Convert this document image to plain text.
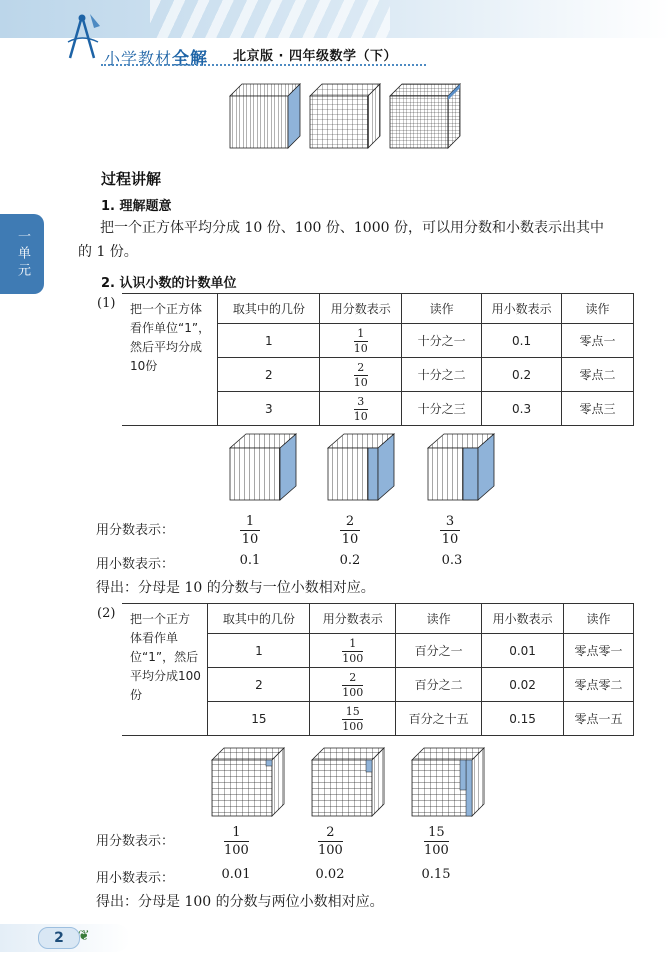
小学教材全解 北京版 · 四年级数学（下）
一单元
过程讲解
1. 理解题意
把一个正方体平均分成 10 份、100 份、1000 份，可以用分数和小数表示出其中
的 1 份。
2. 认识小数的计数单位
(1) 把一个正方体看作单位“1”，然后平均分成10份	取其中的几份	用分数表示	读作	用小数表示	读作
	1	$\frac{1}{10}$	十分之一	0.1	零点一
	2	$\frac{2}{10}$	十分之二	0.2	零点二
	3	$\frac{3}{10}$	十分之三	0.3	零点三
用分数表示：	$\frac{1}{10}$	$\frac{2}{10}$	$\frac{3}{10}$
用小数表示：	0.1	0.2	0.3
得出：分母是 10 的分数与一位小数相对应。
(2) 把一个正方体看作单位“1”，然后平均分成100份	取其中的几份	用分数表示	读作	用小数表示	读作
	1	$\frac{1}{100}$	百分之一	0.01	零点零一
	2	$\frac{2}{100}$	百分之二	0.02	零点零二
	15	$\frac{15}{100}$	百分之十五	0.15	零点一五
用分数表示：	$\frac{1}{100}$	$\frac{2}{100}$	$\frac{15}{100}$
用小数表示：	0.01	0.02	0.15
得出：分母是 100 的分数与两位小数相对应。
2	❦
